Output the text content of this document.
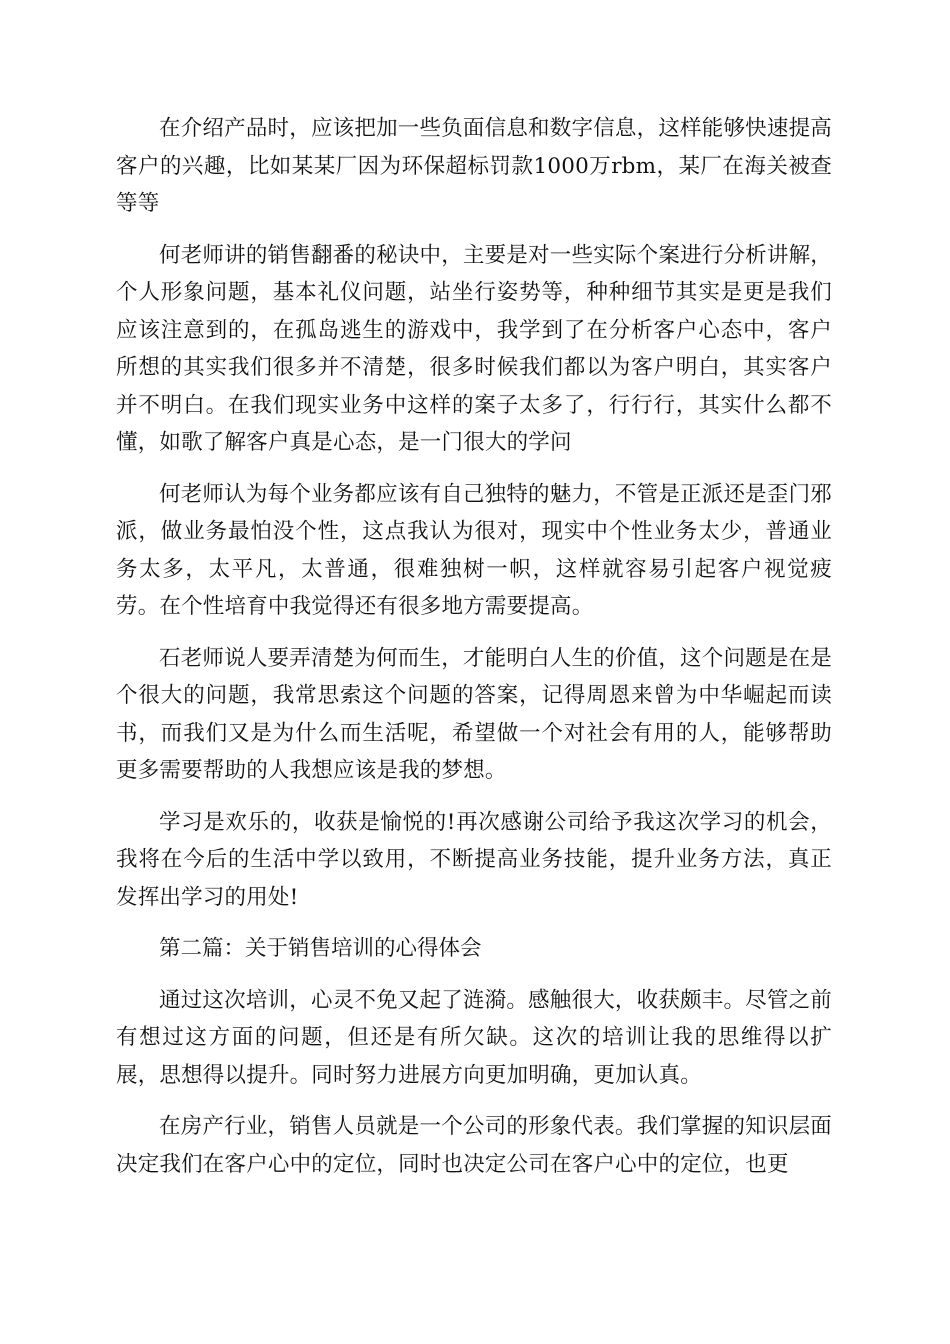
在介绍产品时，应该把加一些负面信息和数字信息，这样能够快速提高客户的兴趣，比如某某厂因为环保超标罚款1000万rbm，某厂在海关被查等等

何老师讲的销售翻番的秘诀中，主要是对一些实际个案进行分析讲解，个人形象问题，基本礼仪问题，站坐行姿势等，种种细节其实是更是我们应该注意到的，在孤岛逃生的游戏中，我学到了在分析客户心态中，客户所想的其实我们很多并不清楚，很多时候我们都以为客户明白，其实客户并不明白。在我们现实业务中这样的案子太多了，行行行，其实什么都不懂，如歌了解客户真是心态，是一门很大的学问

何老师认为每个业务都应该有自己独特的魅力，不管是正派还是歪门邪派，做业务最怕没个性，这点我认为很对，现实中个性业务太少，普通业务太多，太平凡，太普通，很难独树一帜，这样就容易引起客户视觉疲劳。在个性培育中我觉得还有很多地方需要提高。

石老师说人要弄清楚为何而生，才能明白人生的价值，这个问题是在是个很大的问题，我常思索这个问题的答案，记得周恩来曾为中华崛起而读书，而我们又是为什么而生活呢，希望做一个对社会有用的人，能够帮助更多需要帮助的人我想应该是我的梦想。

学习是欢乐的，收获是愉悦的!再次感谢公司给予我这次学习的机会，我将在今后的生活中学以致用，不断提高业务技能，提升业务方法，真正发挥出学习的用处!

第二篇：关于销售培训的心得体会

通过这次培训，心灵不免又起了涟漪。感触很大，收获颇丰。尽管之前有想过这方面的问题，但还是有所欠缺。这次的培训让我的思维得以扩展，思想得以提升。同时努力进展方向更加明确，更加认真。

在房产行业，销售人员就是一个公司的形象代表。我们掌握的知识层面决定我们在客户心中的定位，同时也决定公司在客户心中的定位，也更
